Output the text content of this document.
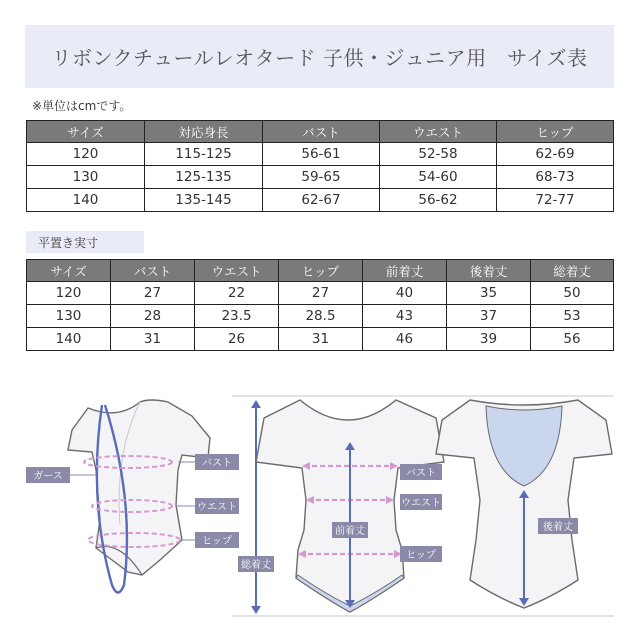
リボンクチュールレオタード 子供・ジュニア用　サイズ表
※単位はcmです。
サイズ	対応身長	バスト	ウエスト	ヒップ
120	115-125	56-61	52-58	62-69
130	125-135	59-65	54-60	68-73
140	135-145	62-67	56-62	72-77
平置き実寸
サイズ	バスト	ウエスト	ヒップ	前着丈	後着丈	総着丈
120	27	22	27	40	35	50
130	28	23.5	28.5	43	37	53
140	31	26	31	46	39	56
ガース
バスト
ウエスト
ヒップ
総着丈
前着丈
バスト
ウエスト
ヒップ
後着丈
